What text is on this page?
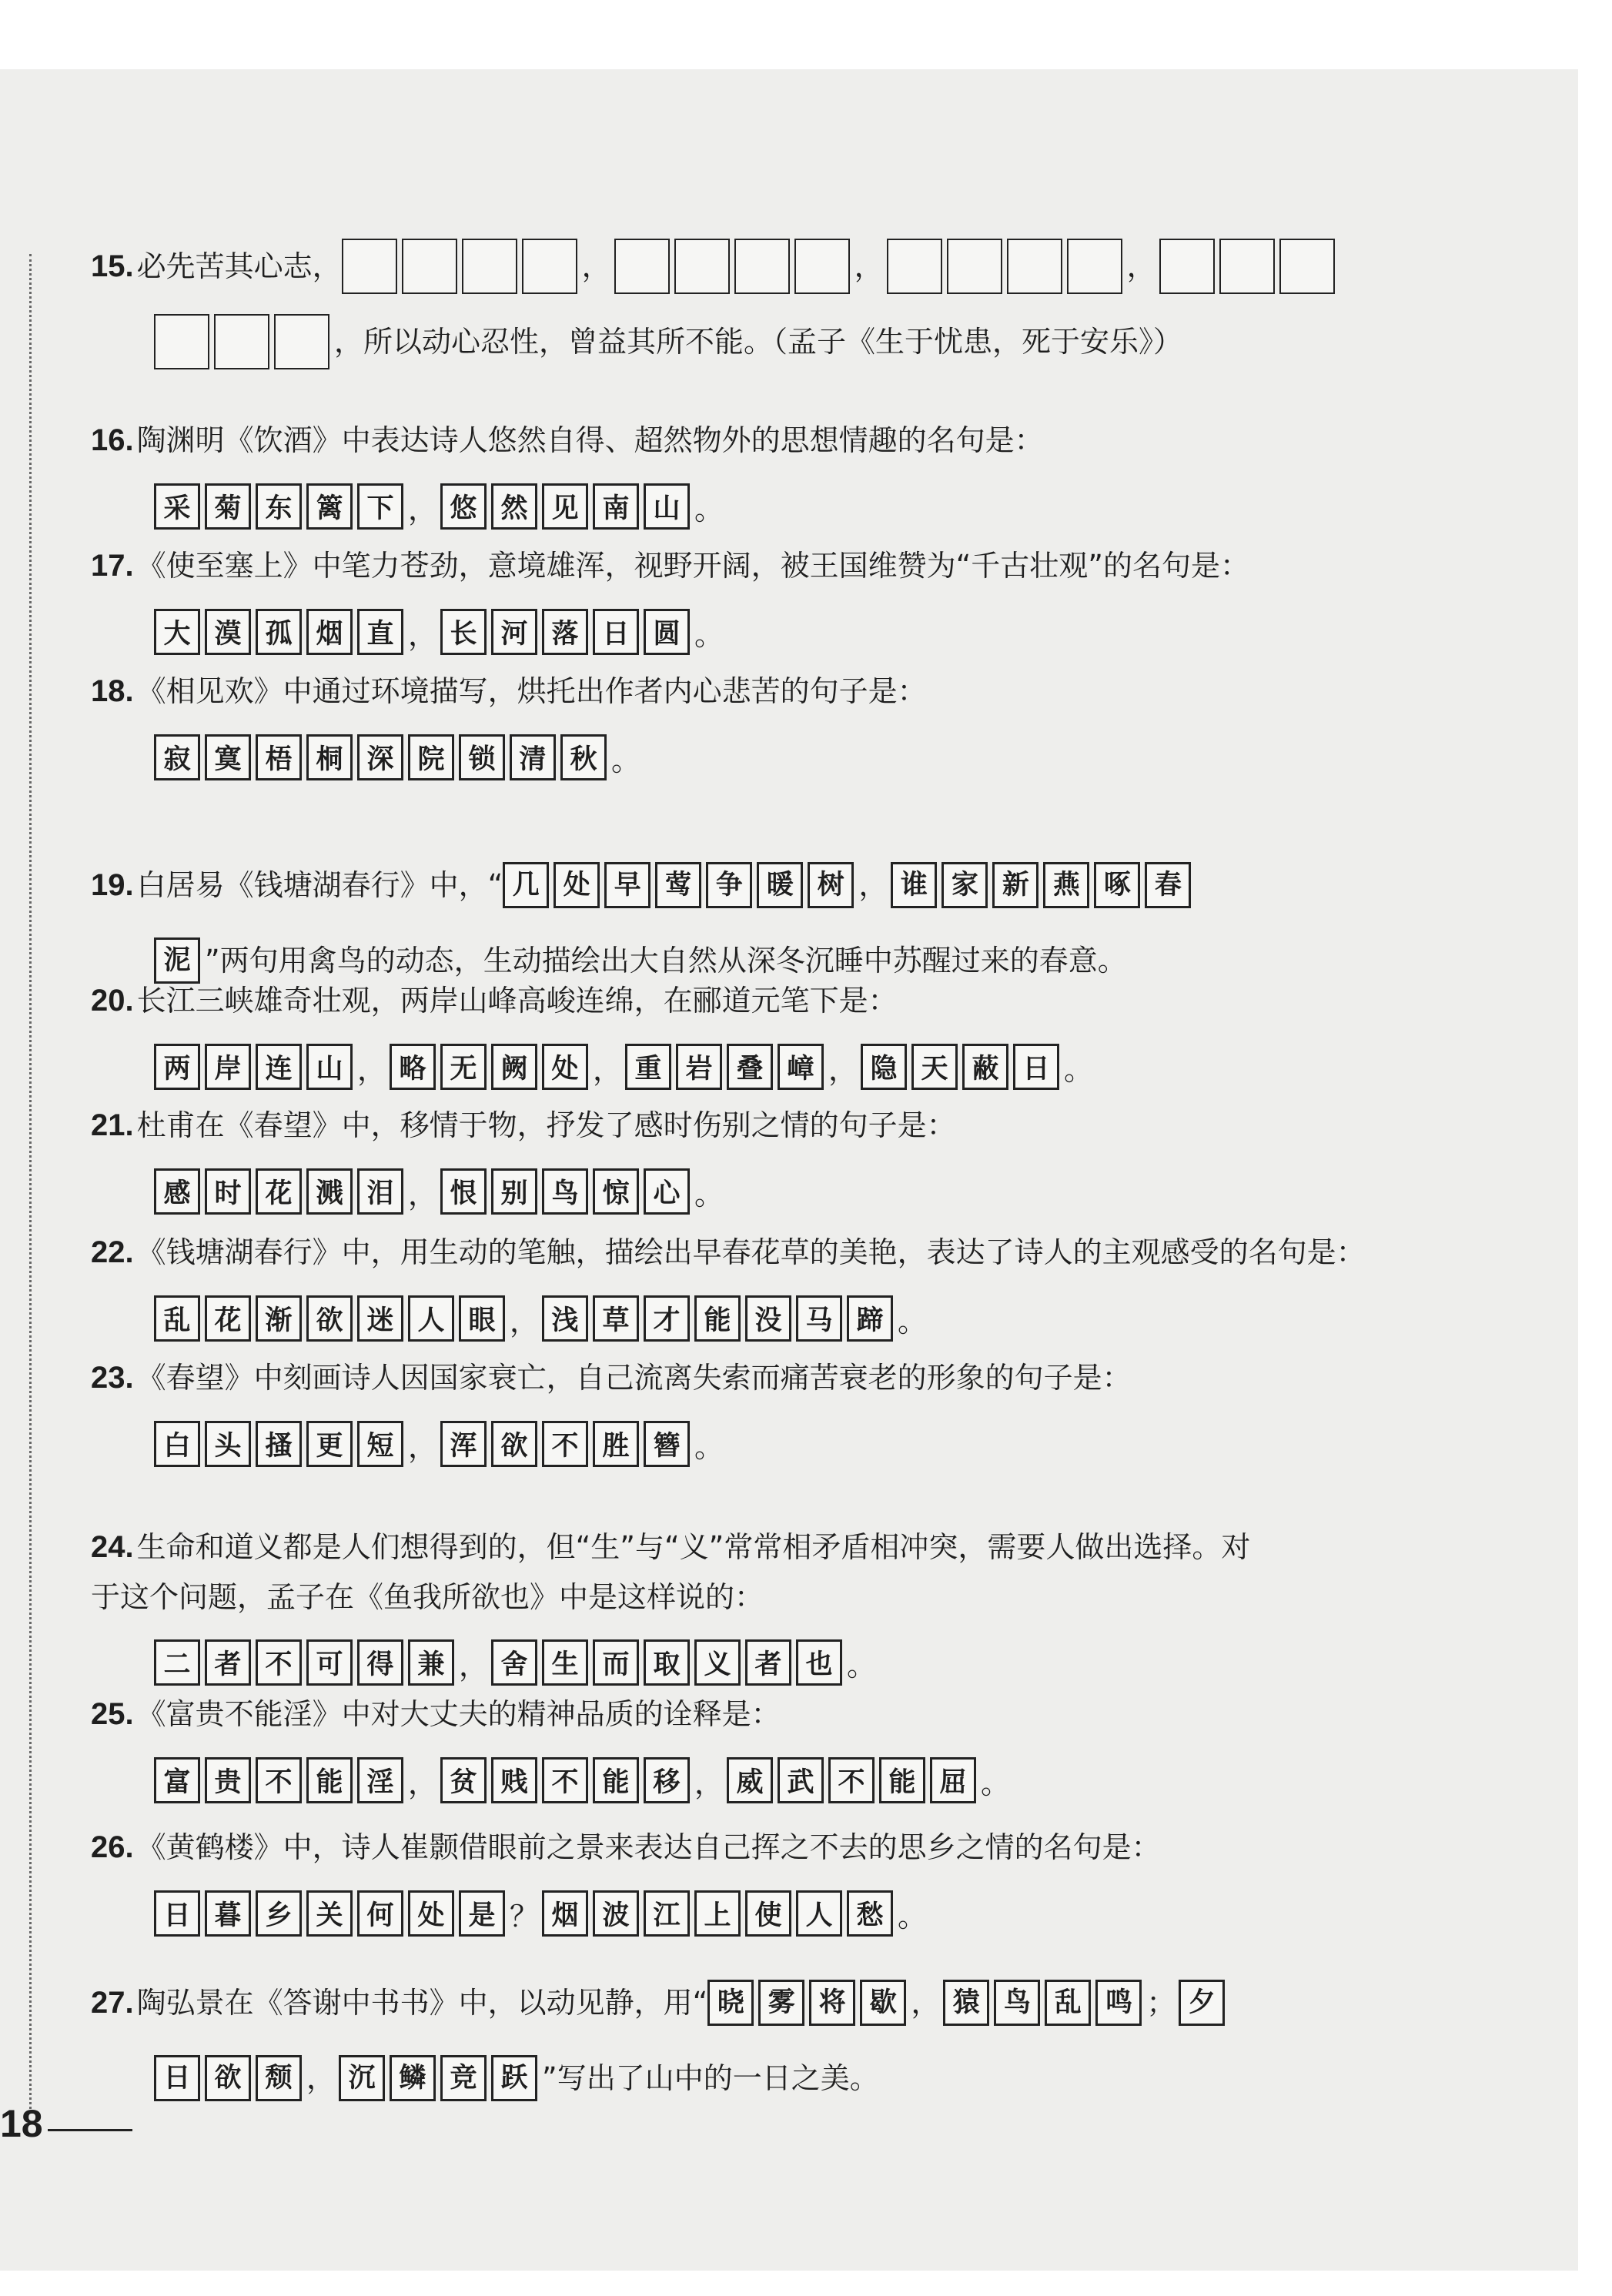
15. 必先苦其心志，	，	，	，
，所以动心忍性，曾益其所不能。（孟子《生于忧患，死于安乐》）
16. 陶渊明《饮酒》中表达诗人悠然自得、超然物外的思想情趣的名句是：
采 菊 东 篱 下 ， 悠 然 见 南 山 。
17. 《使至塞上》中笔力苍劲，意境雄浑，视野开阔，被王国维赞为“千古壮观”的名句是：
大 漠 孤 烟 直 ， 长 河 落 日 圆 。
18. 《相见欢》中通过环境描写，烘托出作者内心悲苦的句子是：
寂 寞 梧 桐 深 院 锁 清 秋 。
19. 白居易《钱塘湖春行》中，“ 几 处 早 莺 争 暖 树 ， 谁 家 新 燕 啄 春
泥 ”两句用禽鸟的动态，生动描绘出大自然从深冬沉睡中苏醒过来的春意。
20. 长江三峡雄奇壮观，两岸山峰高峻连绵，在郦道元笔下是：
两 岸 连 山 ， 略 无 阙 处 ， 重 岩 叠 嶂 ， 隐 天 蔽 日 。
21. 杜甫在《春望》中，移情于物，抒发了感时伤别之情的句子是：
感 时 花 溅 泪 ， 恨 别 鸟 惊 心 。
22. 《钱塘湖春行》中，用生动的笔触，描绘出早春花草的美艳，表达了诗人的主观感受的名句是：
乱 花 渐 欲 迷 人 眼 ， 浅 草 才 能 没 马 蹄 。
23. 《春望》中刻画诗人因国家衰亡，自己流离失索而痛苦衰老的形象的句子是：
白 头 搔 更 短 ， 浑 欲 不 胜 簪 。
24. 生命和道义都是人们想得到的，但“生”与“义”常常相矛盾相冲突，需要人做出选择。对
于这个问题，孟子在《鱼我所欲也》中是这样说的：
二 者 不 可 得 兼 ， 舍 生 而 取 义 者 也 。
25. 《富贵不能淫》中对大丈夫的精神品质的诠释是：
富 贵 不 能 淫 ， 贫 贱 不 能 移 ， 威 武 不 能 屈 。
26. 《黄鹤楼》中，诗人崔颢借眼前之景来表达自己挥之不去的思乡之情的名句是：
日 暮 乡 关 何 处 是 ？ 烟 波 江 上 使 人 愁 。
27. 陶弘景在《答谢中书书》中，以动见静，用“ 晓 雾 将 歇 ， 猿 鸟 乱 鸣 ； 夕
日 欲 颓 ， 沉 鳞 竞 跃 ”写出了山中的一日之美。
18
